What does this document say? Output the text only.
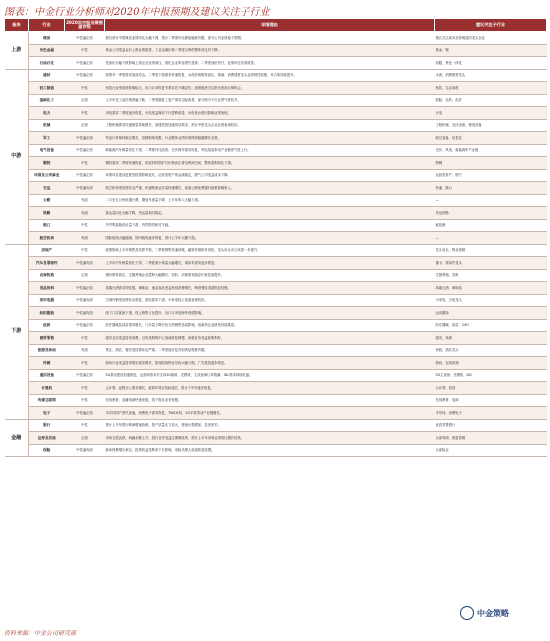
图表：中金行业分析师对2020年中报预期及建议关注子行业
板块	行业	2020年中报业绩展望评级	详细理由	建议关注子行业
上游	煤炭	中性偏正面	我们预计中报煤炭业绩同比大幅下滑，预计二季度环比修复幅度有限，部分公司业绩逊于预期。	建议关注成本优势明显的龙头企业
	有色金属	中性	黄金公司受益金价上涨业绩改善，工业金属价格二季度反弹但整体同比仍下降。	黄金；锂
	石油石化	中性偏正面	受油价大幅下跌影响上游企业业绩承压，炼化企业库存损失显著；二季度油价回升，业绩环比有望改善。	油服、炼化一体化
中游	建材	中性偏正面	疫情对一季度需求造成冲击，二季度下游需求快速恢复，水泥价格维持高位，玻璃、消费建材龙头业绩韧性较强，市占率持续提升。	水泥、消费建材龙头
	轻工制造	中性	家居行业受疫情影响较大，出口订单恢复节奏存在不确定性；造纸板块关注纸价底部反弹机会。	家居、生活用纸
	基础化工	正面	上半年化工品价格普遍下跌，二季度随复工复产需求边际改善，部分细分子行业景气度回升。	轮胎、农药、化纤
	电力	中性	用电需求二季度逐步恢复，火电受益煤价下行盈利改善，水电来水情况影响业绩表现。	火电
	机械	正面	工程机械需求旺盛销量持续增长，基建投资加速带动需求，预计中报龙头企业业绩表现较好。	工程机械、光伏设备、锂电设备
	军工	中性偏正面	军品订单保持稳定增长，疫情影响有限，行业整体业绩有望保持稳健增长态势。	航空装备、信息化
	电气设备	中性偏正面	新能源汽车销量同比下滑，二季度环比改善；光伏海外需求恢复，风电抢装带动产业链景气度上行。	光伏、风电、新能源车产业链
	钢铁	中性	钢材需求二季度快速恢复，但原材料铁矿石价格高企挤压利润空间，整体盈利同比下滑。	特钢
	环保及公用事业	中性偏正面	环保项目建设进度受疫情影响延后，运营类资产现金流稳定，燃气公司受益成本下降。	运营类资产、燃气
	交运	中性偏负面	航空机场受疫情冲击严重，快递物流业务量快速增长，高速公路免费通行政策影响收入。	快递、港口
	公路	负面	二月至五月免收通行费，叠加车流量下降，上半年收入大幅下滑。	—
	铁路	负面	客运量同比大幅下降，货运量相对稳定。	货运铁路
	港口	中性	外贸集装箱吞吐量下滑，内贸散货相对平稳。	枢纽港
	航空机场	负面	国际航线大幅缩减，国内航线逐步恢复，预计上半年大额亏损。	—
下游	房地产	中性	疫情影响上半年销售及结算节奏，二季度销售快速回暖，融资环境相对宽松，龙头房企市占率进一步提升。	龙头房企、物业管理
	汽车及零部件	中性偏负面	上半年汽车销量同比下滑，二季度重卡销量大幅增长，乘用车需求逐步恢复。	重卡、零部件龙头
	农林牧渔	正面	猪价维持高位，生猪养殖企业盈利大幅增长；饲料、动保需求随存栏恢复而提升。	生猪养殖、饲料
	食品饮料	中性偏正面	高端白酒需求韧性强，调味品、速冻食品受益家庭消费增长，啤酒餐饮渠道恢复较慢。	高端白酒、调味品
	家用电器	中性偏负面	空调内销受疫情冲击明显，厨电需求下滑，小家电线上渠道表现较好。	小家电、白电龙头
	纺织服装	中性偏负面	线下门店客流下滑，线上销售占比提升，出口订单受海外疫情影响。	运动服饰
	医药	中性偏正面	医疗器械及疫苗需求增长，门诊量下降对处方药销售造成影响，创新药企业研发持续推进。	医疗器械、疫苗、CXO
	商贸零售	中性	超市业态受益居家消费，百货及购物中心客流恢复缓慢，免税业务受益政策利好。	超市、免税
	旅游及休闲	负面	景区、酒店、餐饮受疫情冲击严重，二季度逐步复苏但恢复程度有限。	免税、酒店龙头
	传媒	中性	游戏行业受益居家娱乐需求增长，影视院线停业导致大幅亏损，广告投放逐步恢复。	游戏、在线视频
	通信设备	中性偏正面	5G基站建设加速推进，运营商资本开支向5G倾斜，光模块、主设备商订单饱满，IDC需求持续旺盛。	5G主设备、光模块、IDC
	计算机	中性	云计算、远程办公需求增长，政府IT项目招标延后，预计下半年逐步恢复。	云计算、信创
	传媒互联网	中性	在线教育、直播电商快速发展，线下娱乐业务受限。	在线教育、电商
	电子	中性偏正面	半导体国产替代加速，消费电子需求恢复，TWS耳机、5G手机带动产业链增长。	半导体、消费电子
金融	银行	中性	预计上半年银行利润增速放缓，资产质量压力加大，拨备计提增加，息差收窄。	优质零售银行
	证券及其他	正面	市场交投活跃，两融余额上升，投行业务受益注册制改革，预计上半年券商业绩同比增长较快。	头部券商、财富管理
	保险	中性偏负面	新单保费增长承压，投资收益受利率下行影响，寿险代理人渠道恢复较慢。	头部险企
中金策略
资料来源：中金公司研究部
